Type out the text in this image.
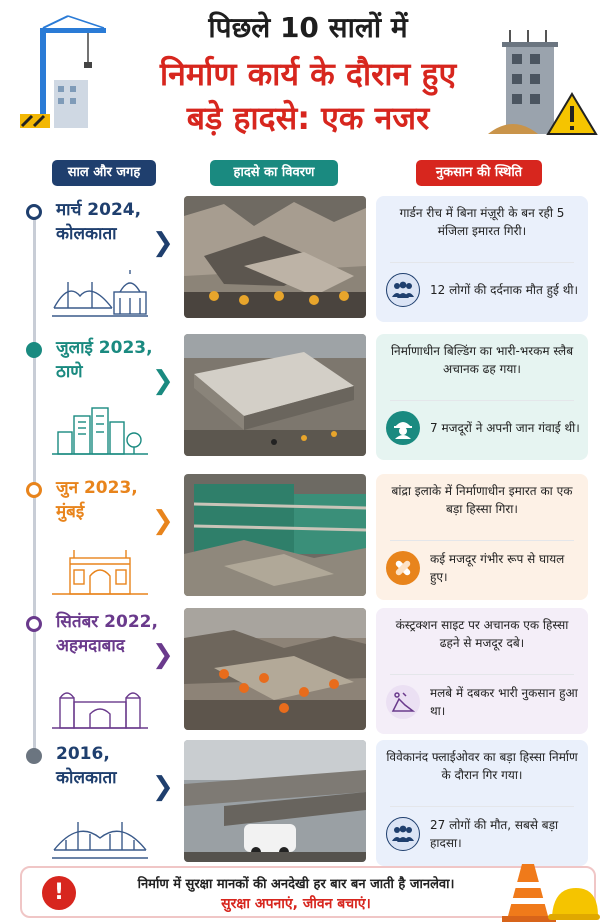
पिछले 10 सालों में
निर्माण कार्य के दौरान हुए
बड़े हादसे: एक नजर
साल और जगह	हादसे का विवरण	नुकसान की स्थिति
मार्च 2024,
कोलकाता	❯
गार्डन रीच में बिना मंज़ूरी के बन रही 5 मंजिला इमारत गिरी।
12 लोगों की दर्दनाक मौत हुई थी।
जुलाई 2023,
ठाणे	❯
निर्माणाधीन बिल्डिंग का भारी-भरकम स्लैब अचानक ढह गया।
7 मजदूरों ने अपनी जान गंवाई थी।
जुन 2023,
मुंबई	❯
बांद्रा इलाके में निर्माणाधीन इमारत का एक बड़ा हिस्सा गिरा।
कई मजदूर गंभीर रूप से घायल हुए।
सितंबर 2022,
अहमदाबाद	❯
कंस्ट्रक्शन साइट पर अचानक एक हिस्सा ढहने से मजदूर दबे।
मलबे में दबकर भारी नुकसान हुआ था।
2016,
कोलकाता ❯
विवेकानंद फ्लाईओवर का बड़ा हिस्सा निर्माण के दौरान गिर गया।
27 लोगों की मौत, सबसे बड़ा हादसा।
!	निर्माण में सुरक्षा मानकों की अनदेखी हर बार बन जाती है जानलेवा।
सुरक्षा अपनाएं, जीवन बचाएं।
